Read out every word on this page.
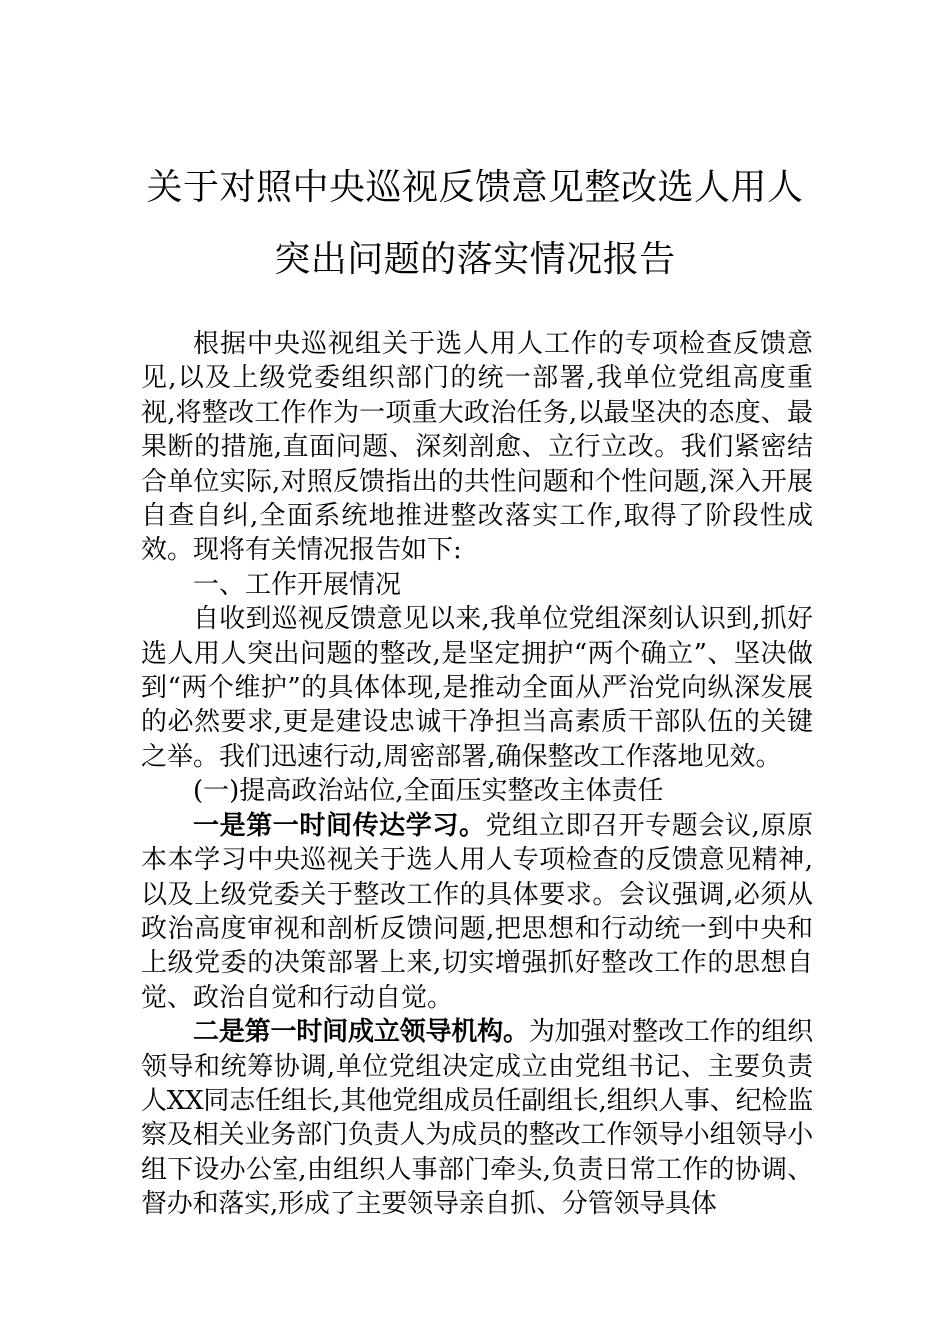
关于对照中央巡视反馈意见整改选人用人
突出问题的落实情况报告

根据中央巡视组关于选人用人工作的专项检查反馈意见,以及上级党委组织部门的统一部署,我单位党组高度重视,将整改工作作为一项重大政治任务,以最坚决的态度、最果断的措施,直面问题、深刻剖愈、立行立改。我们紧密结合单位实际,对照反馈指出的共性问题和个性问题,深入开展自查自纠,全面系统地推进整改落实工作,取得了阶段性成效。现将有关情况报告如下:

一、工作开展情况

自收到巡视反馈意见以来,我单位党组深刻认识到,抓好选人用人突出问题的整改,是坚定拥护“两个确立”、坚决做到“两个维护”的具体体现,是推动全面从严治党向纵深发展的必然要求,更是建设忠诚干净担当高素质干部队伍的关键之举。我们迅速行动,周密部署,确保整改工作落地见效。

(一)提高政治站位,全面压实整改主体责任

一是第一时间传达学习。党组立即召开专题会议,原原本本学习中央巡视关于选人用人专项检查的反馈意见精神,以及上级党委关于整改工作的具体要求。会议强调,必须从政治高度审视和剖析反馈问题,把思想和行动统一到中央和上级党委的决策部署上来,切实增强抓好整改工作的思想自觉、政治自觉和行动自觉。

二是第一时间成立领导机构。为加强对整改工作的组织领导和统筹协调,单位党组决定成立由党组书记、主要负责人XX同志任组长,其他党组成员任副组长,组织人事、纪检监察及相关业务部门负责人为成员的整改工作领导小组领导小组下设办公室,由组织人事部门牵头,负责日常工作的协调、督办和落实,形成了主要领导亲自抓、分管领导具体
